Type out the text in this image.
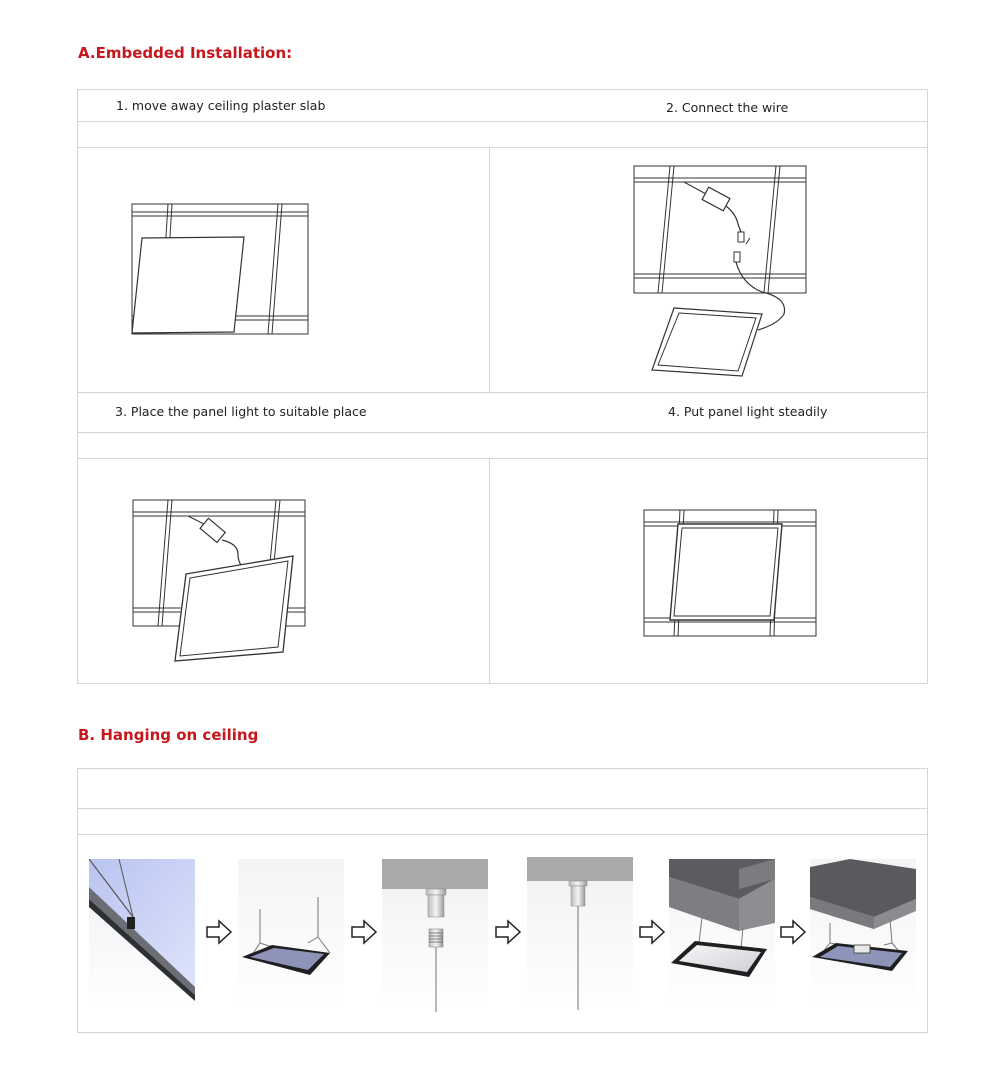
A.Embedded Installation:
1. move away ceiling plaster slab	2. Connect the wire
3. Place the panel light to suitable place	4. Put panel light steadily
B. Hanging on ceiling
